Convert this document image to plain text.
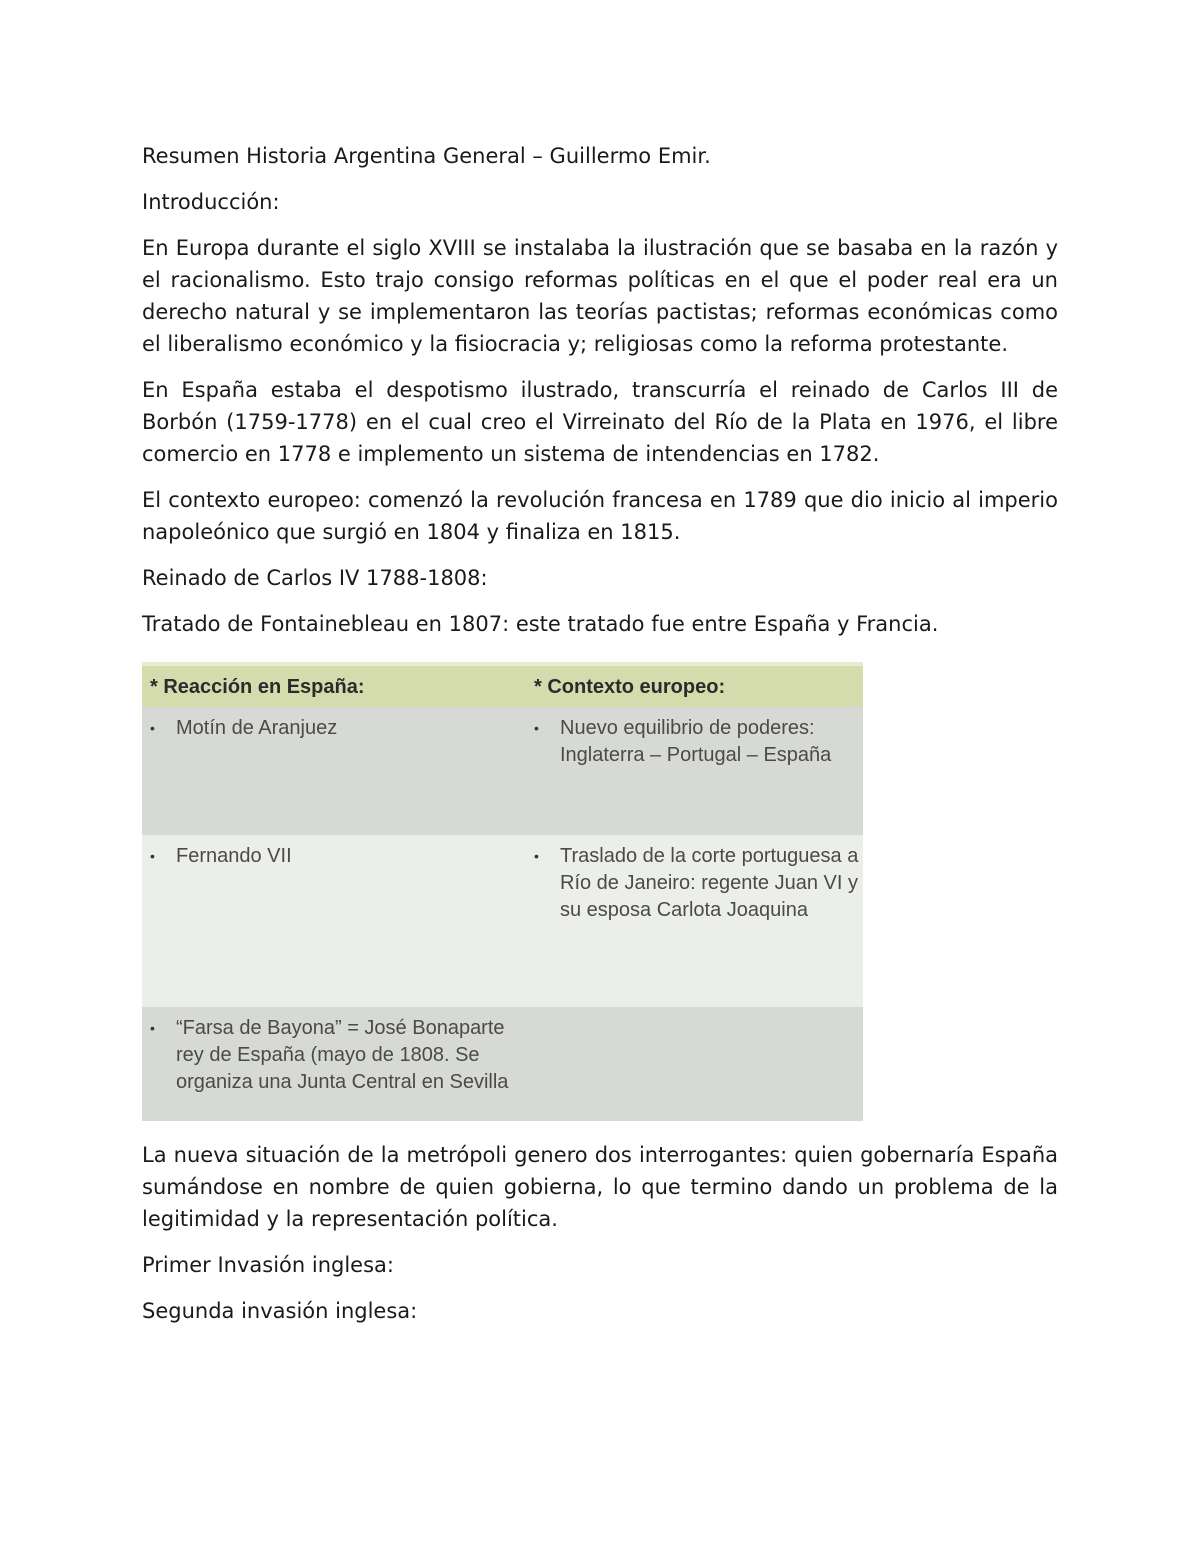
Resumen Historia Argentina General – Guillermo Emir.

Introducción:

En Europa durante el siglo XVIII se instalaba la ilustración que se basaba en la razón y el racionalismo. Esto trajo consigo reformas políticas en el que el poder real era un derecho natural y se implementaron las teorías pactistas; reformas económicas como el liberalismo económico y la fisiocracia y; religiosas como la reforma protestante.

En España estaba el despotismo ilustrado, transcurría el reinado de Carlos III de Borbón (1759-1778) en el cual creo el Virreinato del Río de la Plata en 1976, el libre comercio en 1778 e implemento un sistema de intendencias en 1782.

El contexto europeo: comenzó la revolución francesa en 1789 que dio inicio al imperio napoleónico que surgió en 1804 y finaliza en 1815.

Reinado de Carlos IV 1788-1808:

Tratado de Fontainebleau en 1807: este tratado fue entre España y Francia.

* Reacción en España:	* Contexto europeo:

• Motín de Aranjuez	• Nuevo equilibrio de poderes: Inglaterra – Portugal – España

• Fernando VII	• Traslado de la corte portuguesa a Río de Janeiro: regente Juan VI y su esposa Carlota Joaquina

• “Farsa de Bayona” = José Bonaparte rey de España (mayo de 1808. Se organiza una Junta Central en Sevilla	

La nueva situación de la metrópoli genero dos interrogantes: quien gobernaría España sumándose en nombre de quien gobierna, lo que termino dando un problema de la legitimidad y la representación política.

Primer Invasión inglesa:

Segunda invasión inglesa:
